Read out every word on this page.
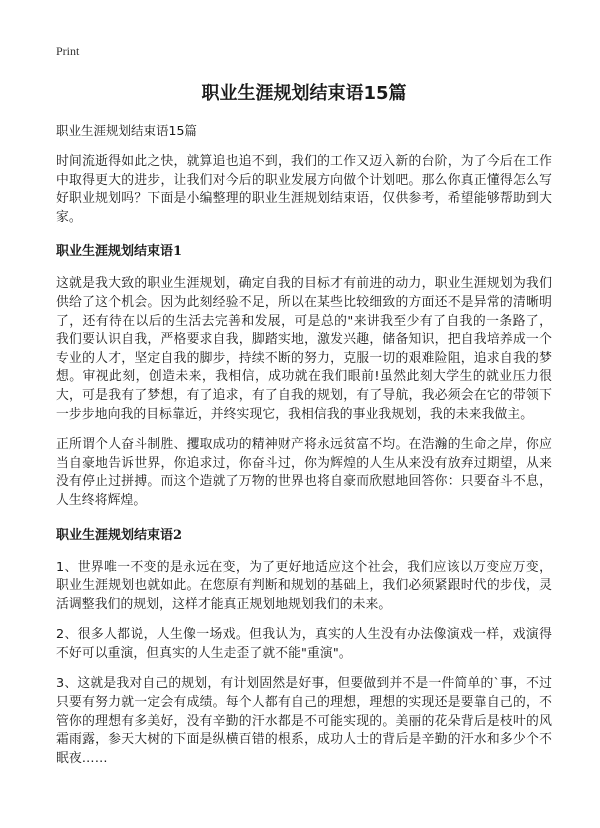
Print
职业生涯规划结束语15篇
职业生涯规划结束语15篇

时间流逝得如此之快，就算追也追不到，我们的工作又迈入新的台阶，为了今后在工作中取得更大的进步，让我们对今后的职业发展方向做个计划吧。那么你真正懂得怎么写好职业规划吗？下面是小编整理的职业生涯规划结束语，仅供参考，希望能够帮助到大家。

职业生涯规划结束语1

这就是我大致的职业生涯规划，确定自我的目标才有前进的动力，职业生涯规划为我们供给了这个机会。因为此刻经验不足，所以在某些比较细致的方面还不是异常的清晰明了，还有待在以后的生活去完善和发展，可是总的"来讲我至少有了自我的一条路了，我们要认识自我，严格要求自我，脚踏实地，激发兴趣，储备知识，把自我培养成一个专业的人才，坚定自我的脚步，持续不断的努力，克服一切的艰难险阻，追求自我的梦想。审视此刻，创造未来，我相信，成功就在我们眼前!虽然此刻大学生的就业压力很大，可是我有了梦想，有了追求，有了自我的规划，有了导航，我必须会在它的带领下一步步地向我的目标靠近，并终实现它，我相信我的事业我规划，我的未来我做主。

正所谓个人奋斗制胜、攫取成功的精神财产将永远贫富不均。在浩瀚的生命之岸，你应当自豪地告诉世界，你追求过，你奋斗过，你为辉煌的人生从来没有放弃过期望，从来没有停止过拼搏。而这个造就了万物的世界也将自豪而欣慰地回答你：只要奋斗不息，人生终将辉煌。

职业生涯规划结束语2

1、世界唯一不变的是永远在变，为了更好地适应这个社会，我们应该以万变应万变，职业生涯规划也就如此。在您原有判断和规划的基础上，我们必须紧跟时代的步伐，灵活调整我们的规划，这样才能真正规划地规划我们的未来。

2、很多人都说，人生像一场戏。但我认为，真实的人生没有办法像演戏一样，戏演得不好可以重演，但真实的人生走歪了就不能"重演"。

3、这就是我对自己的规划，有计划固然是好事，但要做到并不是一件简单的`事，不过只要有努力就一定会有成绩。每个人都有自己的理想，理想的实现还是要靠自己的，不管你的理想有多美好，没有辛勤的汗水都是不可能实现的。美丽的花朵背后是枝叶的风霜雨露，参天大树的下面是纵横百错的根系，成功人士的背后是辛勤的汗水和多少个不眠夜……
